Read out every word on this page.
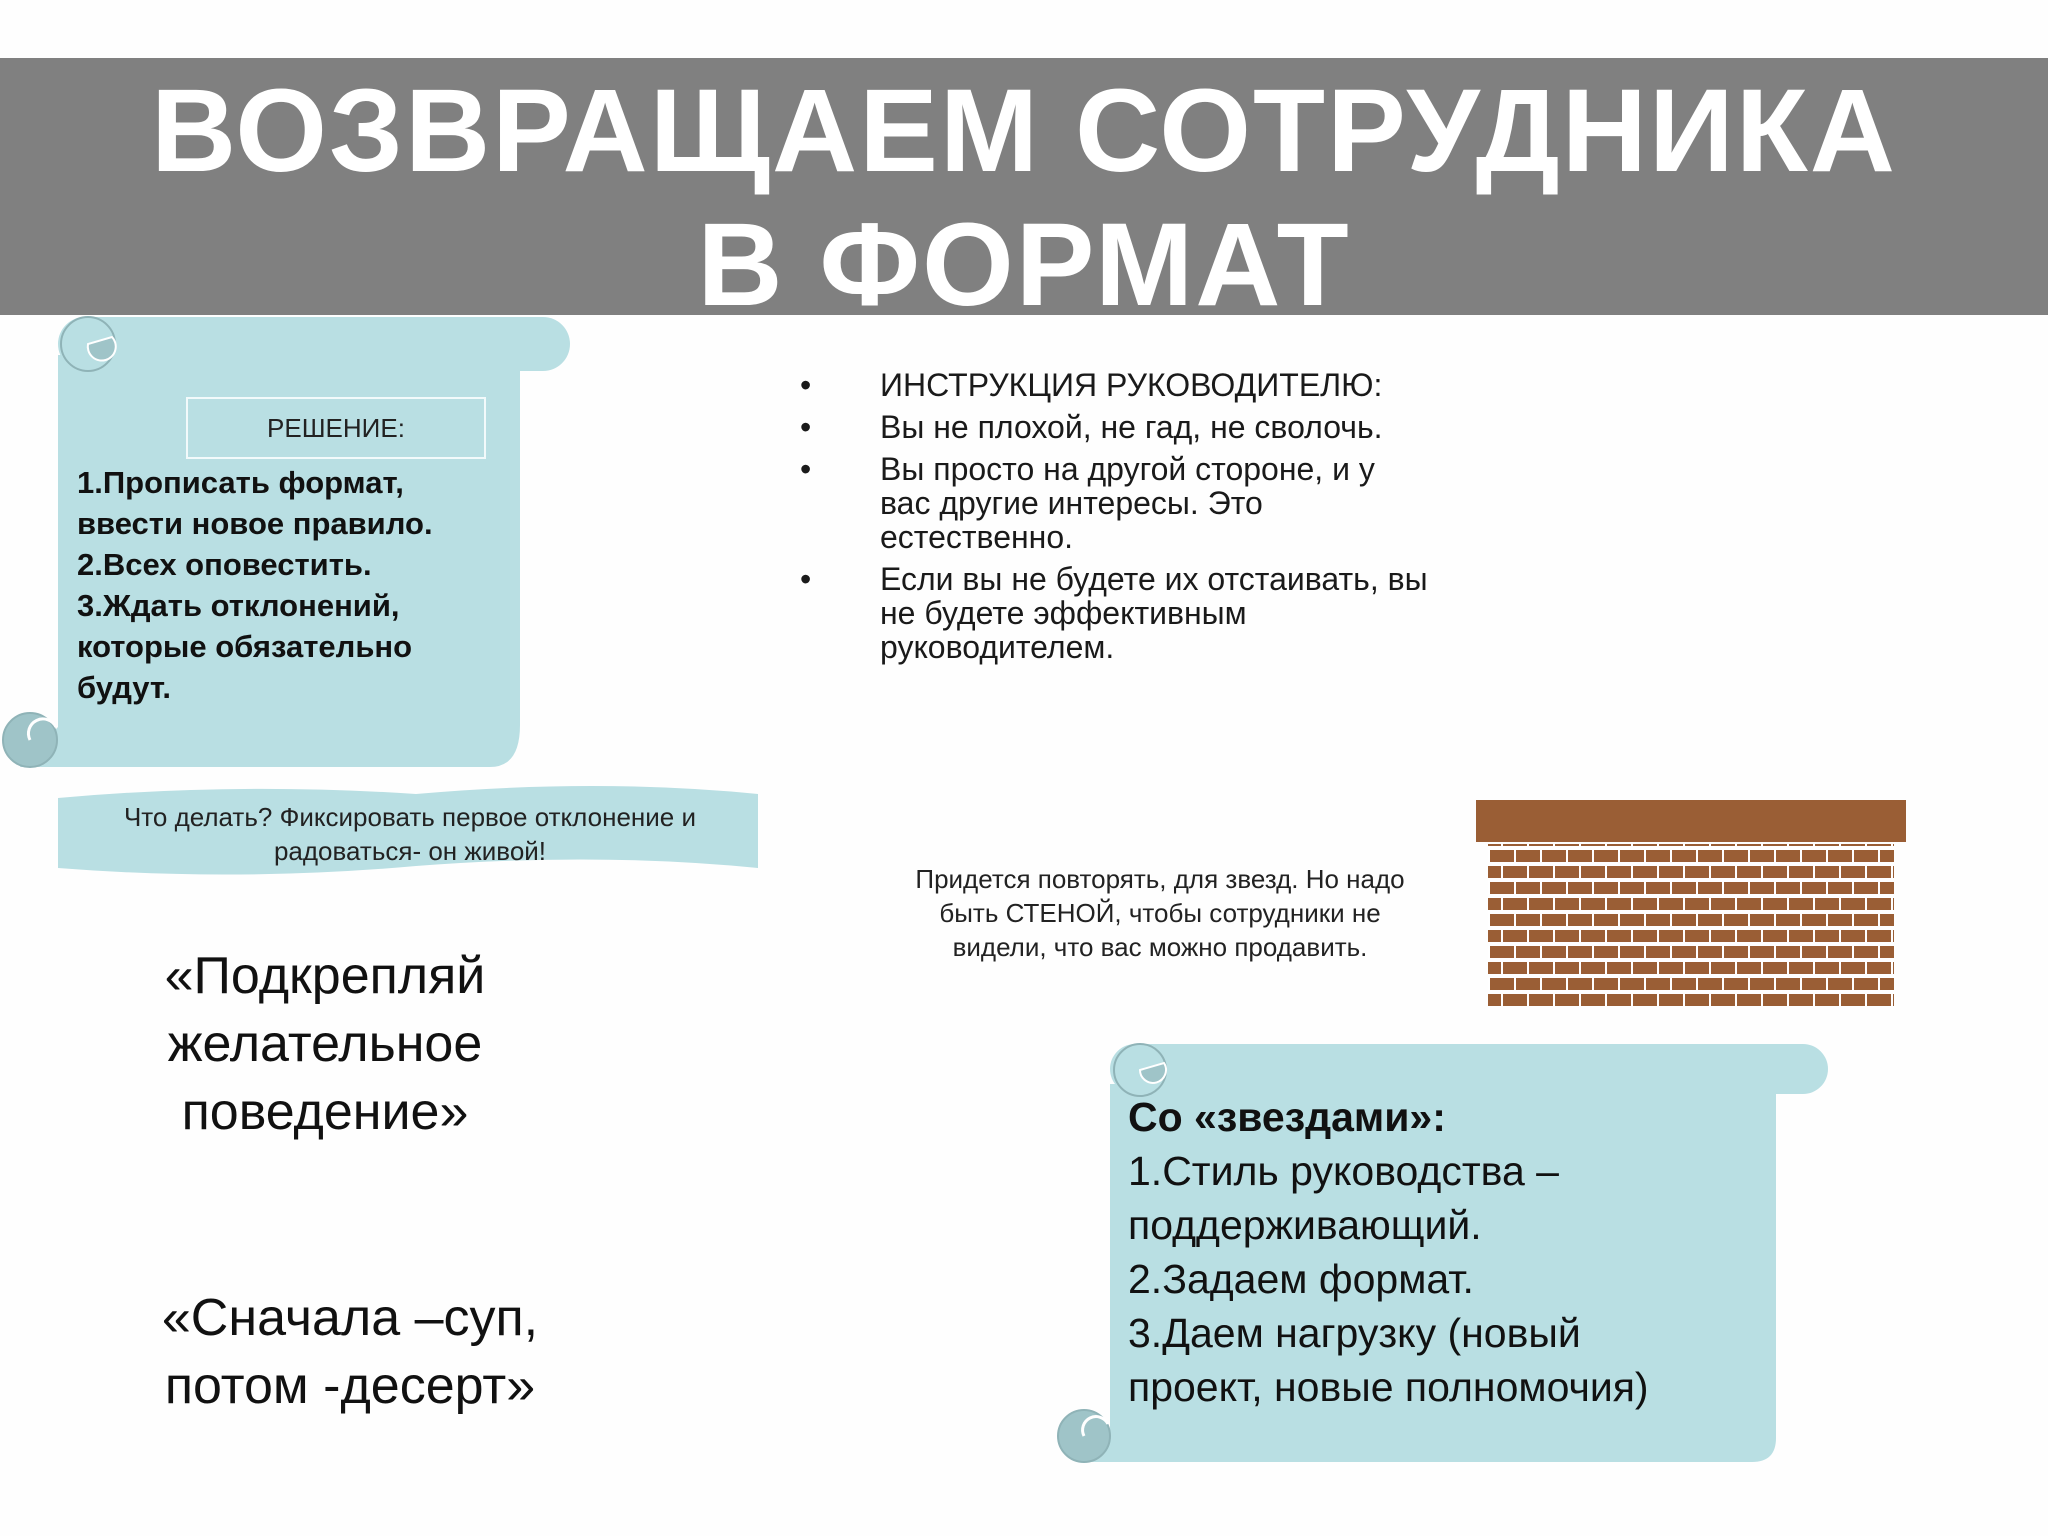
ВОЗВРАЩАЕМ СОТРУДНИКА
В ФОРМАТ
РЕШЕНИЕ:
1.Прописать формат,
ввести новое правило.
2.Всех оповестить.
3.Ждать отклонений,
которые обязательно
будут.
Что делать? Фиксировать первое отклонение и
радоваться- он живой!
• ИНСТРУКЦИЯ РУКОВОДИТЕЛЮ:
• Вы не плохой, не гад, не сволочь.
• Вы просто на другой стороне, и у вас другие интересы. Это естественно.
• Если вы не будете их отстаивать, вы не будете эффективным руководителем.
Придется повторять, для звезд. Но надо
быть СТЕНОЙ, чтобы сотрудники не
видели, что вас можно продавить.
«Подкрепляй
желательное
поведение»
«Сначала –суп,
потом -десерт»
Со «звездами»:
1.Стиль руководства –
поддерживающий.
2.Задаем формат.
3.Даем нагрузку (новый
проект, новые полномочия)
